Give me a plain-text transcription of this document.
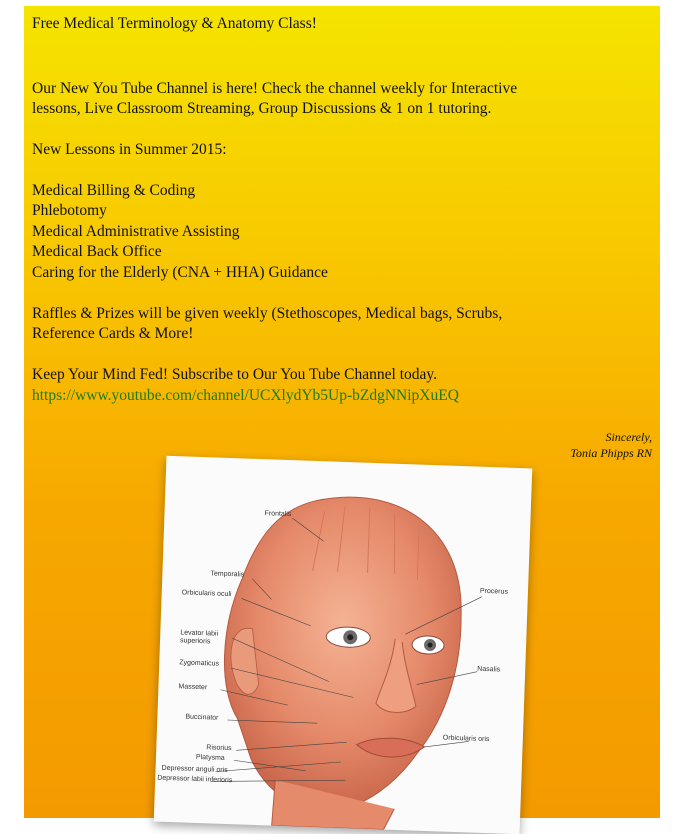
Free Medical Terminology & Anatomy Class!

Our New You Tube Channel is here! Check the channel weekly for Interactive

lessons, Live Classroom Streaming, Group Discussions & 1 on 1 tutoring.

New Lessons in Summer 2015:

Medical Billing & Coding

Phlebotomy

Medical Administrative Assisting

Medical Back Office

Caring for the Elderly (CNA + HHA) Guidance

Raffles & Prizes will be given weekly (Stethoscopes, Medical bags, Scrubs,

Reference Cards & More!

Keep Your Mind Fed! Subscribe to Our You Tube Channel today.

https://www.youtube.com/channel/UCXlydYb5Up-bZdgNNipXuEQ
Sincerely,
Tonia Phipps RN
Frontalis
Temporalis
Orbicularis oculi
Levator labii
superioris
Zygomaticus
Masseter
Buccinator
Risorius
Platysma
Depressor anguli oris
Depressor labii inferioris
Procerus
Nasalis
Orbicularis oris
